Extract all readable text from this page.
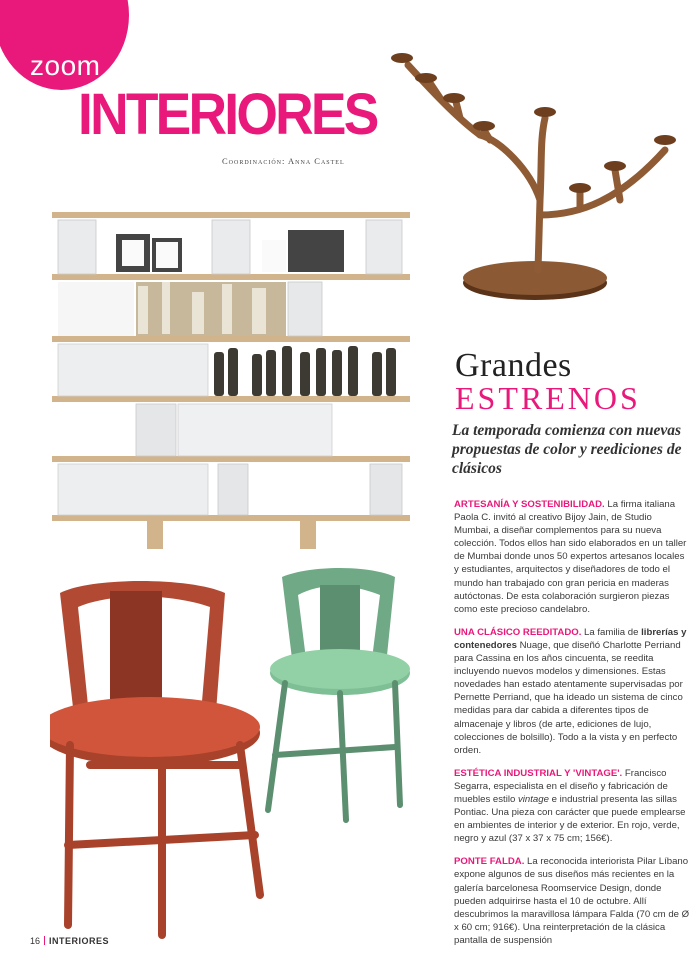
zoom
INTERIORES
Coordinación: Anna Castel
Grandes
ESTRENOS
La temporada comienza con nuevas propuestas de color y reediciones de clásicos

ARTESANÍA Y SOSTENIBILIDAD. La firma italiana Paola C. invitó al creativo Bijoy Jain, de Studio Mumbai, a diseñar complementos para su nueva colección. Todos ellos han sido elaborados en un taller de Mumbai donde unos 50 expertos artesanos locales y estudiantes, arquitectos y diseñadores de todo el mundo han trabajado con gran pericia en maderas autóctonas. De esta colaboración surgieron piezas como este precioso candelabro.

UNA CLÁSICO REEDITADO. La familia de librerías y contenedores Nuage, que diseñó Charlotte Perriand para Cassina en los años cincuenta, se reedita incluyendo nuevos modelos y dimensiones. Estas novedades han estado atentamente supervisadas por Pernette Perriand, que ha ideado un sistema de cinco medidas para dar cabida a diferentes tipos de almacenaje y libros (de arte, ediciones de lujo, colecciones de bolsillo). Todo a la vista y en perfecto orden.

ESTÉTICA INDUSTRIAL Y 'VINTAGE'. Francisco Segarra, especialista en el diseño y fabricación de muebles estilo vintage e industrial presenta las sillas Pontiac. Una pieza con carácter que puede emplearse en ambientes de interior y de exterior. En rojo, verde, negro y azul (37 x 37 x 75 cm; 156€).

PONTE FALDA. La reconocida interiorista Pilar Líbano expone algunos de sus diseños más recientes en la galería barcelonesa Roomservice Design, donde pueden adquirirse hasta el 10 de octubre. Allí descubrimos la maravillosa lámpara Falda (70 cm de Ø x 60 cm; 916€). Una reinterpretación de la clásica pantalla de suspensión

16 INTERIORES
